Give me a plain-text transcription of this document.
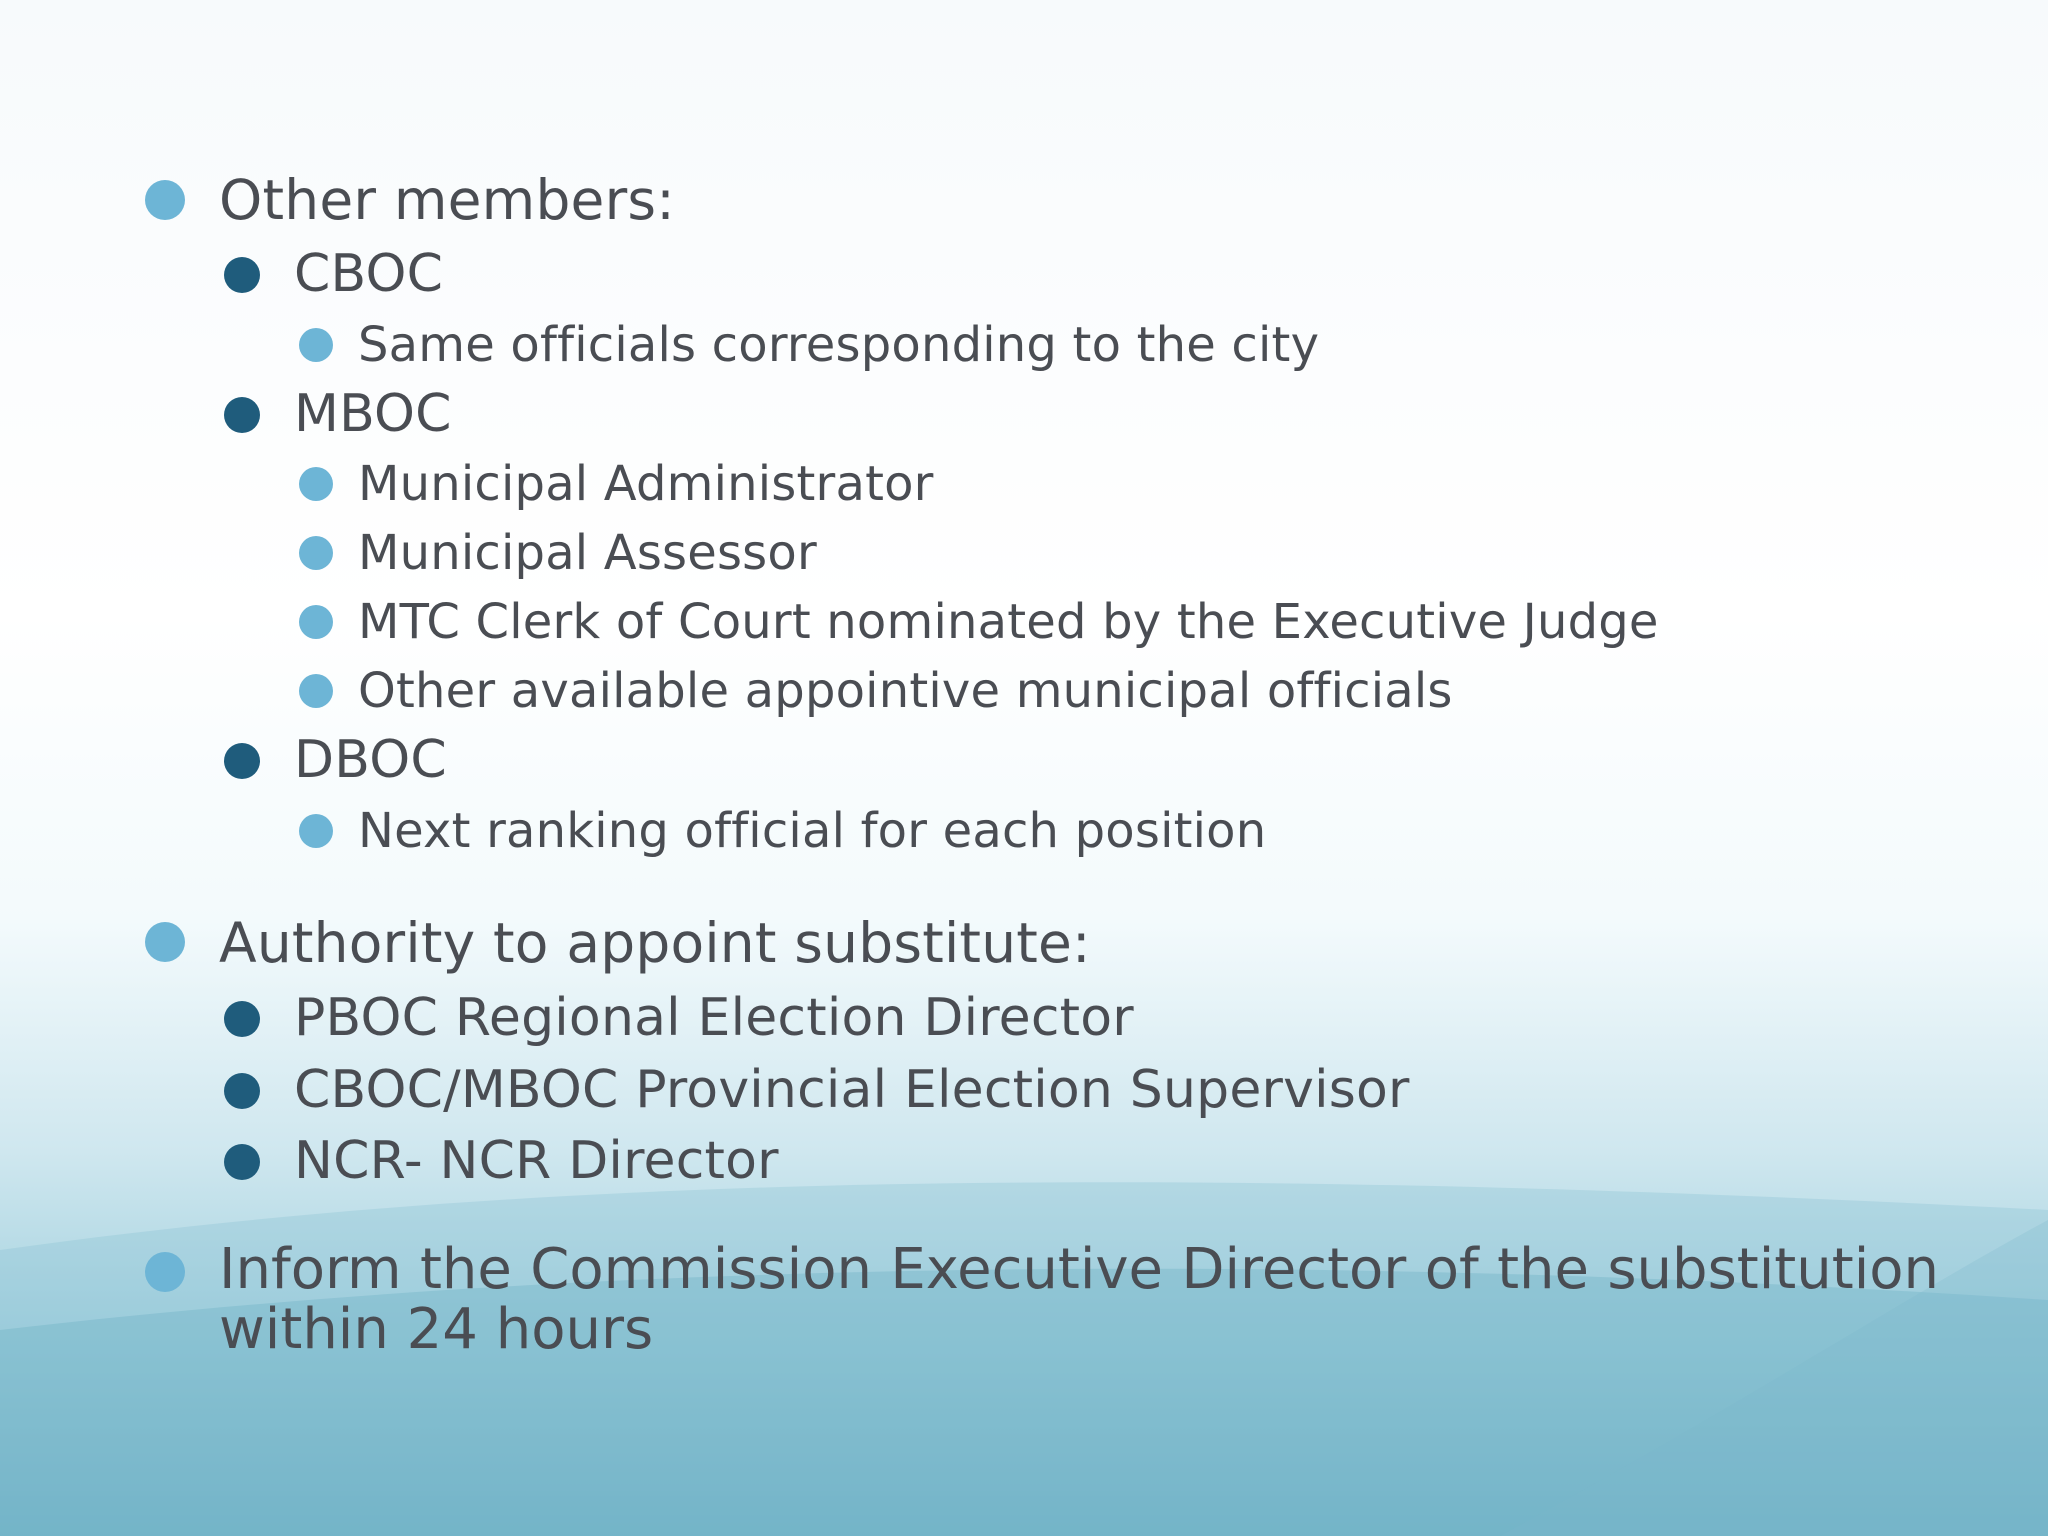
Other members:
CBOC
Same officials corresponding to the city
MBOC
Municipal Administrator
Municipal Assessor
MTC Clerk of Court nominated by the Executive Judge
Other available appointive municipal officials
DBOC
Next ranking official for each position
Authority to appoint substitute:
PBOC Regional Election Director
CBOC/MBOC Provincial Election Supervisor
NCR- NCR Director
Inform the Commission Executive Director of the substitution within 24 hours
